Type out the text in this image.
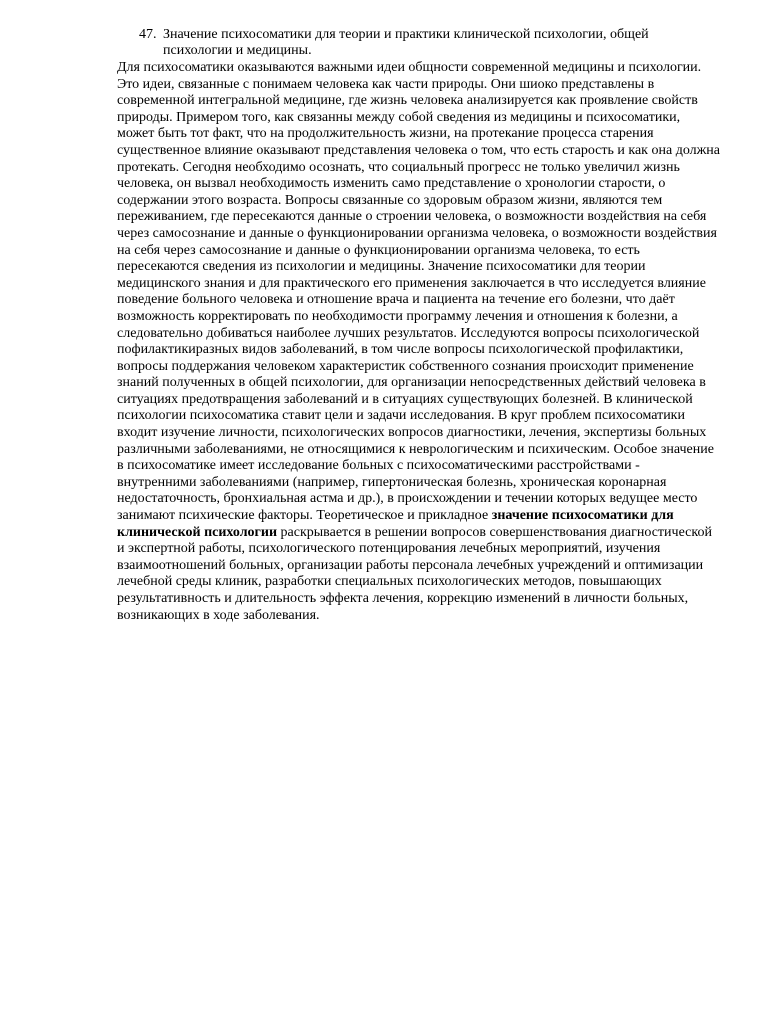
47. Значение психосоматики для теории и практики клинической психологии, общей психологии и медицины.

Для психосоматики оказываются важными идеи общности современной медицины и психологии. Это идеи, связанные с понимаем человека как части природы. Они шиоко представлены в современной интегральной медицине, где жизнь человека анализируется как проявление свойств природы. Примером того, как связанны между собой сведения из медицины и психосоматики, может быть тот факт, что на продолжительность жизни, на протекание процесса старения существенное влияние оказывают представления человека о том, что есть старость и как она должна протекать. Сегодня необходимо осознать, что социальный прогресс не только увеличил жизнь человека, он вызвал необходимость изменить само представление о хронологии старости, о содержании этого возраста. Вопросы связанные со здоровым образом жизни, являются тем переживанием, где пересекаются данные о строении человека, о возможности воздействия на себя через самосознание и данные о функционировании организма человека, о возможности воздействия на себя через самосознание и данные о функционировании организма человека, то есть пересекаются сведения из психологии и медицины. Значение психосоматики для теории медицинского знания и для практического его применения заключается в что исследуется влияние поведение больного человека и отношение врача и пациента на течение его болезни, что даёт возможность корректировать по необходимости программу лечения и отношения к болезни, а следовательно добиваться наиболее лучших результатов. Исследуются вопросы психологической пофилактикиразных видов заболеваний, в том числе вопросы психологической профилактики, вопросы поддержания человеком характеристик собственного сознания происходит применение знаний полученных в общей психологии, для организации непосредственных действий человека в ситуациях предотвращения заболеваний и в ситуациях существующих болезней. В клинической психологии психосоматика ставит цели и задачи исследования. В круг проблем психосоматики входит изучение личности, психологических вопросов диагностики, лечения, экспертизы больных различными заболеваниями, не относящимися к неврологическим и психическим. Особое значение в психосоматике имеет исследование больных с психосоматическими расстройствами - внутренними заболеваниями (например, гипертоническая болезнь, хроническая коронарная недостаточность, бронхиальная астма и др.), в происхождении и течении которых ведущее место занимают психические факторы. Теоретическое и прикладное значение психосоматики для клинической психологии раскрывается в решении вопросов совершенствования диагностической и экспертной работы, психологического потенцирования лечебных мероприятий, изучения взаимоотношений больных, организации работы персонала лечебных учреждений и оптимизации лечебной среды клиник, разработки специальных психологических методов, повышающих результативность и длительность эффекта лечения, коррекцию изменений в личности больных, возникающих в ходе заболевания.
